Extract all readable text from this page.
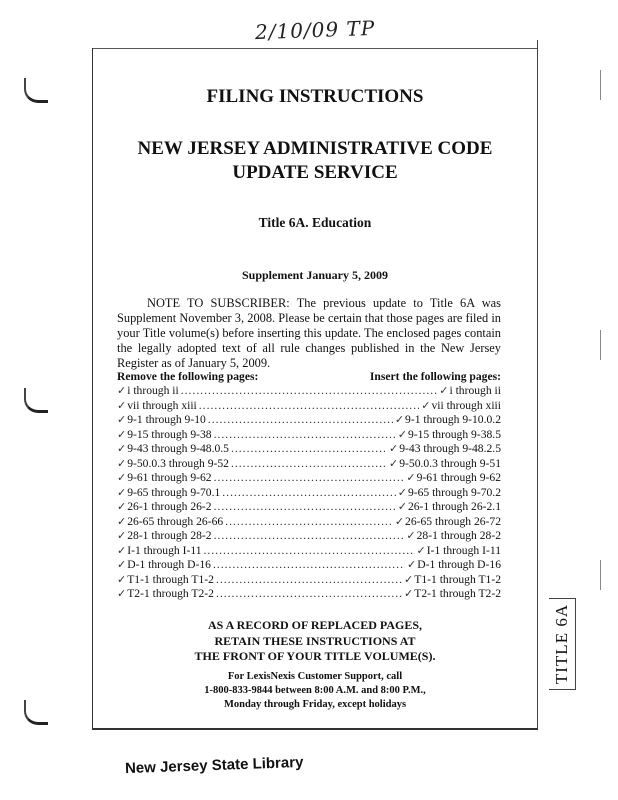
2/10/09 TP
FILING INSTRUCTIONS
NEW JERSEY ADMINISTRATIVE CODE
UPDATE SERVICE
Title 6A. Education
Supplement January 5, 2009

NOTE TO SUBSCRIBER: The previous update to Title 6A was Supplement November 3, 2008. Please be certain that those pages are filed in your Title volume(s) before inserting this update. The enclosed pages contain the legally adopted text of all rule changes published in the New Jersey Register as of January 5, 2009.

Remove the following pages:	Insert the following pages:
✓i through ii .....	✓i through ii
✓vii through xiii .....	✓vii through xiii
✓9-1 through 9-10 .....	✓9-1 through 9-10.0.2
✓9-15 through 9-38 .....	✓9-15 through 9-38.5
✓9-43 through 9-48.0.5 .....	✓9-43 through 9-48.2.5
✓9-50.0.3 through 9-52 .....	✓9-50.0.3 through 9-51
✓9-61 through 9-62 .....	✓9-61 through 9-62
✓9-65 through 9-70.1 .....	✓9-65 through 9-70.2
✓26-1 through 26-2 .....	✓26-1 through 26-2.1
✓26-65 through 26-66 .....	✓26-65 through 26-72
✓28-1 through 28-2 .....	✓28-1 through 28-2
✓I-1 through I-11 .....	✓I-1 through I-11
✓D-1 through D-16 .....	✓D-1 through D-16
✓T1-1 through T1-2 .....	✓T1-1 through T1-2
✓T2-1 through T2-2 .....	✓T2-1 through T2-2
AS A RECORD OF REPLACED PAGES,
RETAIN THESE INSTRUCTIONS AT
THE FRONT OF YOUR TITLE VOLUME(S).
For LexisNexis Customer Support, call
1-800-833-9844 between 8:00 A.M. and 8:00 P.M.,
Monday through Friday, except holidays
TITLE 6A
New Jersey State Library
